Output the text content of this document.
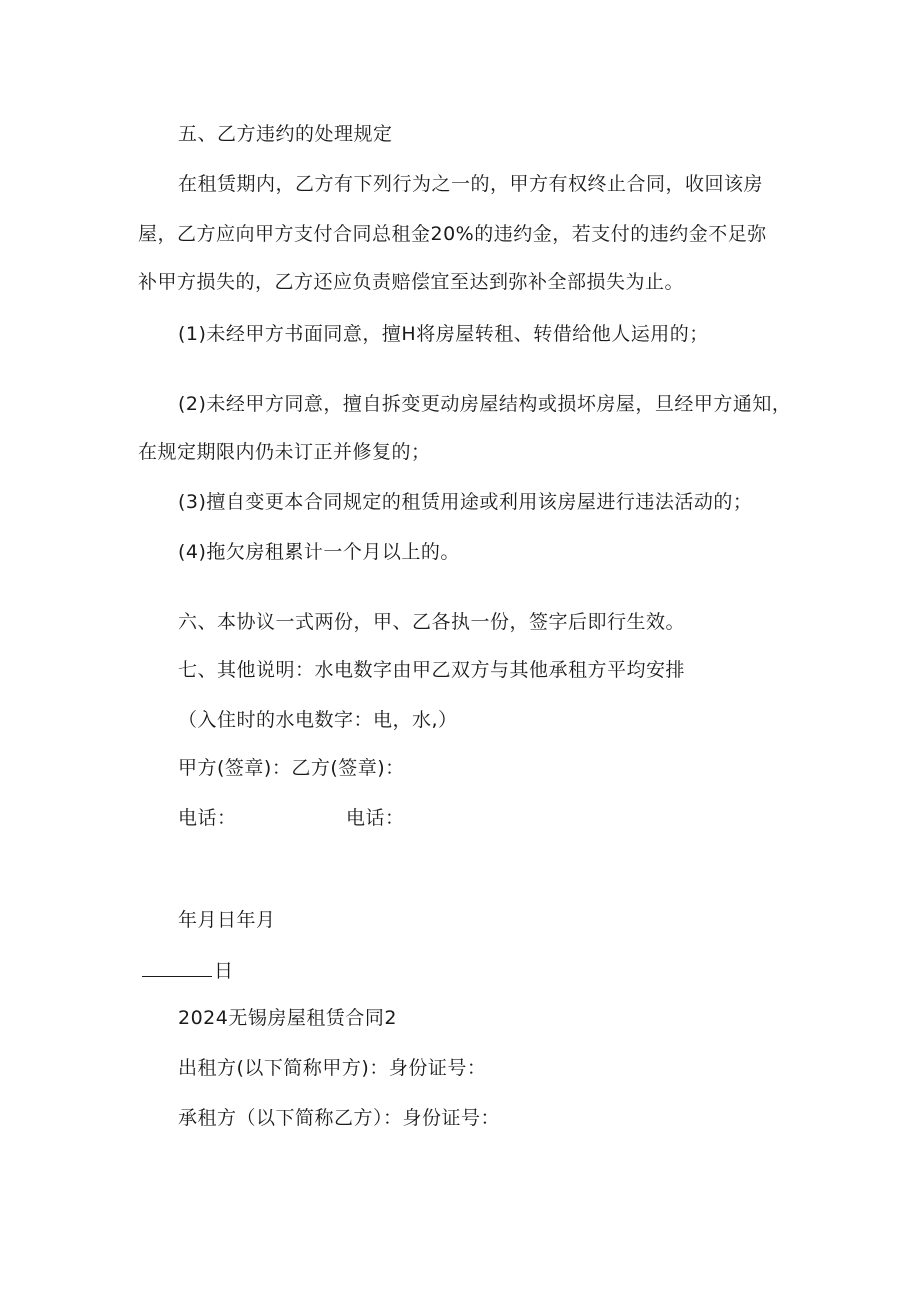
五、乙方违约的处理规定
在租赁期内，乙方有下列行为之一的，甲方有权终止合同，收回该房
屋，乙方应向甲方支付合同总租金20%的违约金，若支付的违约金不足弥
补甲方损失的，乙方还应负责赔偿宜至达到弥补全部损失为止。
(1)未经甲方书面同意，擅H将房屋转租、转借给他人运用的；
(2)未经甲方同意，擅自拆变更动房屋结构或损坏房屋，旦经甲方通知，
在规定期限内仍未订正并修复的；
(3)擅自变更本合同规定的租赁用途或利用该房屋进行违法活动的；
(4)拖欠房租累计一个月以上的。
六、本协议一式两份，甲、乙各执一份，签字后即行生效。
七、其他说明：水电数字由甲乙双方与其他承租方平均安排
（入住时的水电数字：电，水,）
甲方(签章)：乙方(签章)：
电话：	电话：
年月日年月
日
2024无锡房屋租赁合同2
出租方(以下简称甲方)：身份证号：
承租方（以下简称乙方）：身份证号：
